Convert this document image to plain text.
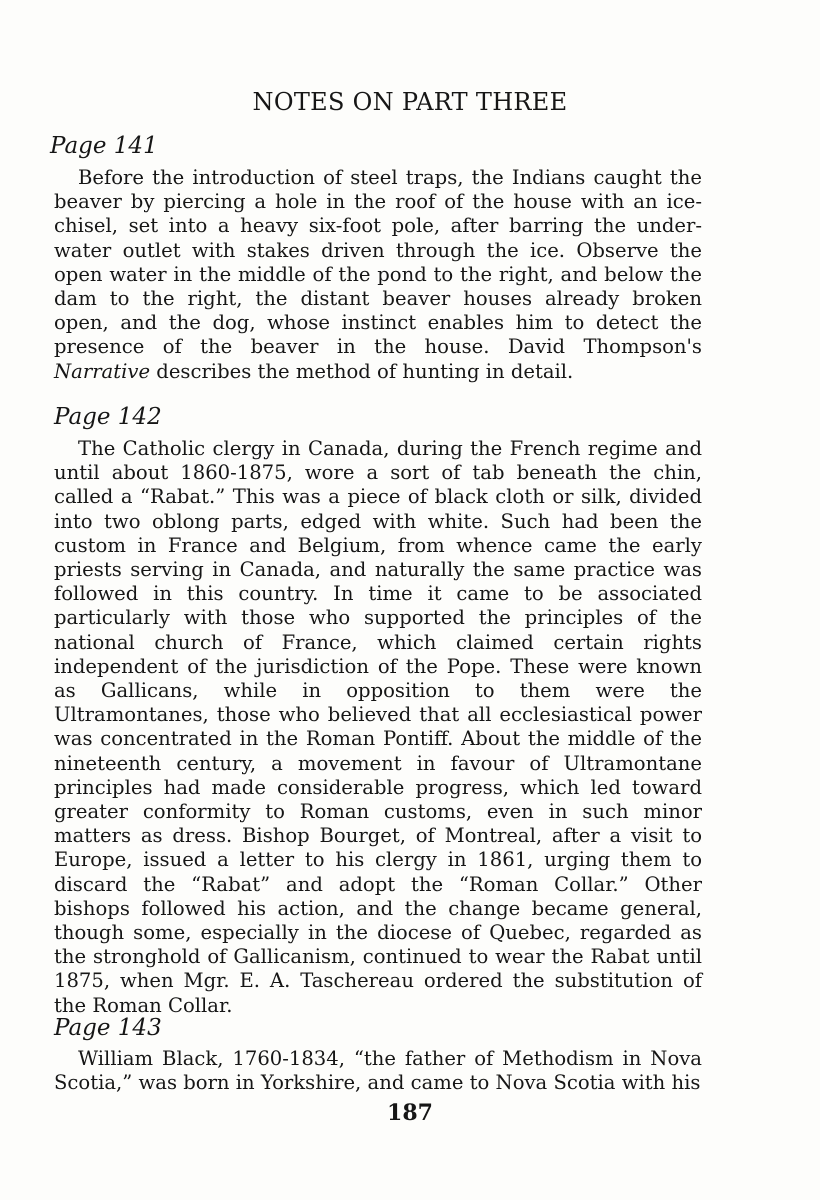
NOTES ON PART THREE
Page 141

Before the introduction of steel traps, the Indians caught the beaver by piercing a hole in the roof of the house with an ice-chisel, set into a heavy six-foot pole, after barring the under-water outlet with stakes driven through the ice. Observe the open water in the middle of the pond to the right, and below the dam to the right, the distant beaver houses already broken open, and the dog, whose instinct enables him to detect the presence of the beaver in the house. David Thompson's Narrative describes the method of hunting in detail.

Page 142

The Catholic clergy in Canada, during the French regime and until about 1860-1875, wore a sort of tab beneath the chin, called a “Rabat.” This was a piece of black cloth or silk, divided into two oblong parts, edged with white. Such had been the custom in France and Belgium, from whence came the early priests serving in Canada, and naturally the same practice was followed in this country. In time it came to be associated particularly with those who supported the principles of the national church of France, which claimed certain rights independent of the jurisdiction of the Pope. These were known as Gallicans, while in opposition to them were the Ultramontanes, those who believed that all ecclesiastical power was concentrated in the Roman Pontiff. About the middle of the nineteenth century, a movement in favour of Ultramontane principles had made considerable progress, which led toward greater conformity to Roman customs, even in such minor matters as dress. Bishop Bourget, of Montreal, after a visit to Europe, issued a letter to his clergy in 1861, urging them to discard the “Rabat” and adopt the “Roman Collar.” Other bishops followed his action, and the change became general, though some, especially in the diocese of Quebec, regarded as the stronghold of Gallicanism, continued to wear the Rabat until 1875, when Mgr. E. A. Taschereau ordered the substitution of the Roman Collar.

Page 143

William Black, 1760-1834, “the father of Methodism in Nova Scotia,” was born in Yorkshire, and came to Nova Scotia with his

187
